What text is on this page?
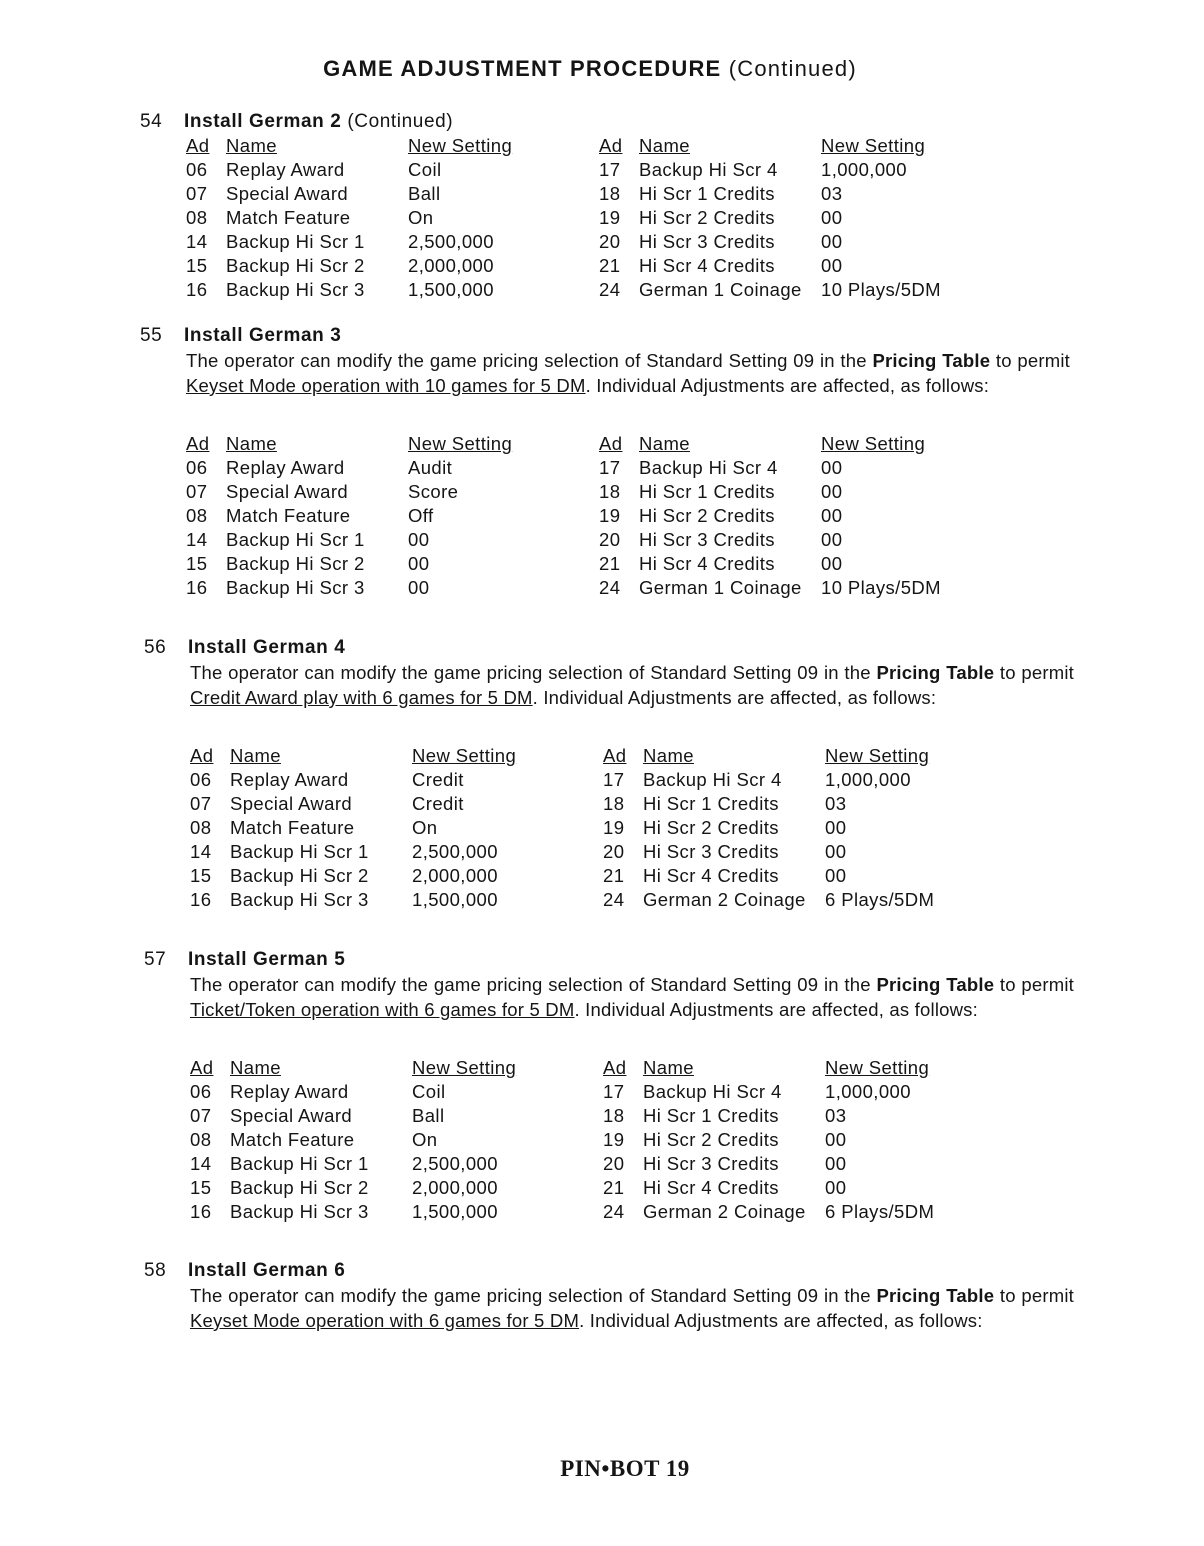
GAME ADJUSTMENT PROCEDURE (Continued)
54 Install German 2 (Continued)
Ad	Name	New Setting
06	Replay Award	Coil
07	Special Award	Ball
08	Match Feature	On
14	Backup Hi Scr 1	2,500,000
15	Backup Hi Scr 2	2,000,000
16	Backup Hi Scr 3	1,500,000
Ad	Name	New Setting
17	Backup Hi Scr 4	1,000,000
18	Hi Scr 1 Credits	03
19	Hi Scr 2 Credits	00
20	Hi Scr 3 Credits	00
21	Hi Scr 4 Credits	00
24	German 1 Coinage	10 Plays/5DM
55 Install German 3
The operator can modify the game pricing selection of Standard Setting 09 in the Pricing Table to permit Keyset Mode operation with 10 games for 5 DM. Individual Adjustments are affected, as follows:
Ad	Name	New Setting
06	Replay Award	Audit
07	Special Award	Score
08	Match Feature	Off
14	Backup Hi Scr 1	00
15	Backup Hi Scr 2	00
16	Backup Hi Scr 3	00
Ad	Name	New Setting
17	Backup Hi Scr 4	00
18	Hi Scr 1 Credits	00
19	Hi Scr 2 Credits	00
20	Hi Scr 3 Credits	00
21	Hi Scr 4 Credits	00
24	German 1 Coinage	10 Plays/5DM
56 Install German 4
The operator can modify the game pricing selection of Standard Setting 09 in the Pricing Table to permit Credit Award play with 6 games for 5 DM. Individual Adjustments are affected, as follows:
Ad	Name	New Setting
06	Replay Award	Credit
07	Special Award	Credit
08	Match Feature	On
14	Backup Hi Scr 1	2,500,000
15	Backup Hi Scr 2	2,000,000
16	Backup Hi Scr 3	1,500,000
Ad	Name	New Setting
17	Backup Hi Scr 4	1,000,000
18	Hi Scr 1 Credits	03
19	Hi Scr 2 Credits	00
20	Hi Scr 3 Credits	00
21	Hi Scr 4 Credits	00
24	German 2 Coinage	6 Plays/5DM
57 Install German 5
The operator can modify the game pricing selection of Standard Setting 09 in the Pricing Table to permit Ticket/Token operation with 6 games for 5 DM. Individual Adjustments are affected, as follows:
Ad	Name	New Setting
06	Replay Award	Coil
07	Special Award	Ball
08	Match Feature	On
14	Backup Hi Scr 1	2,500,000
15	Backup Hi Scr 2	2,000,000
16	Backup Hi Scr 3	1,500,000
Ad	Name	New Setting
17	Backup Hi Scr 4	1,000,000
18	Hi Scr 1 Credits	03
19	Hi Scr 2 Credits	00
20	Hi Scr 3 Credits	00
21	Hi Scr 4 Credits	00
24	German 2 Coinage	6 Plays/5DM
58 Install German 6
The operator can modify the game pricing selection of Standard Setting 09 in the Pricing Table to permit Keyset Mode operation with 6 games for 5 DM. Individual Adjustments are affected, as follows:
PIN•BOT 19
